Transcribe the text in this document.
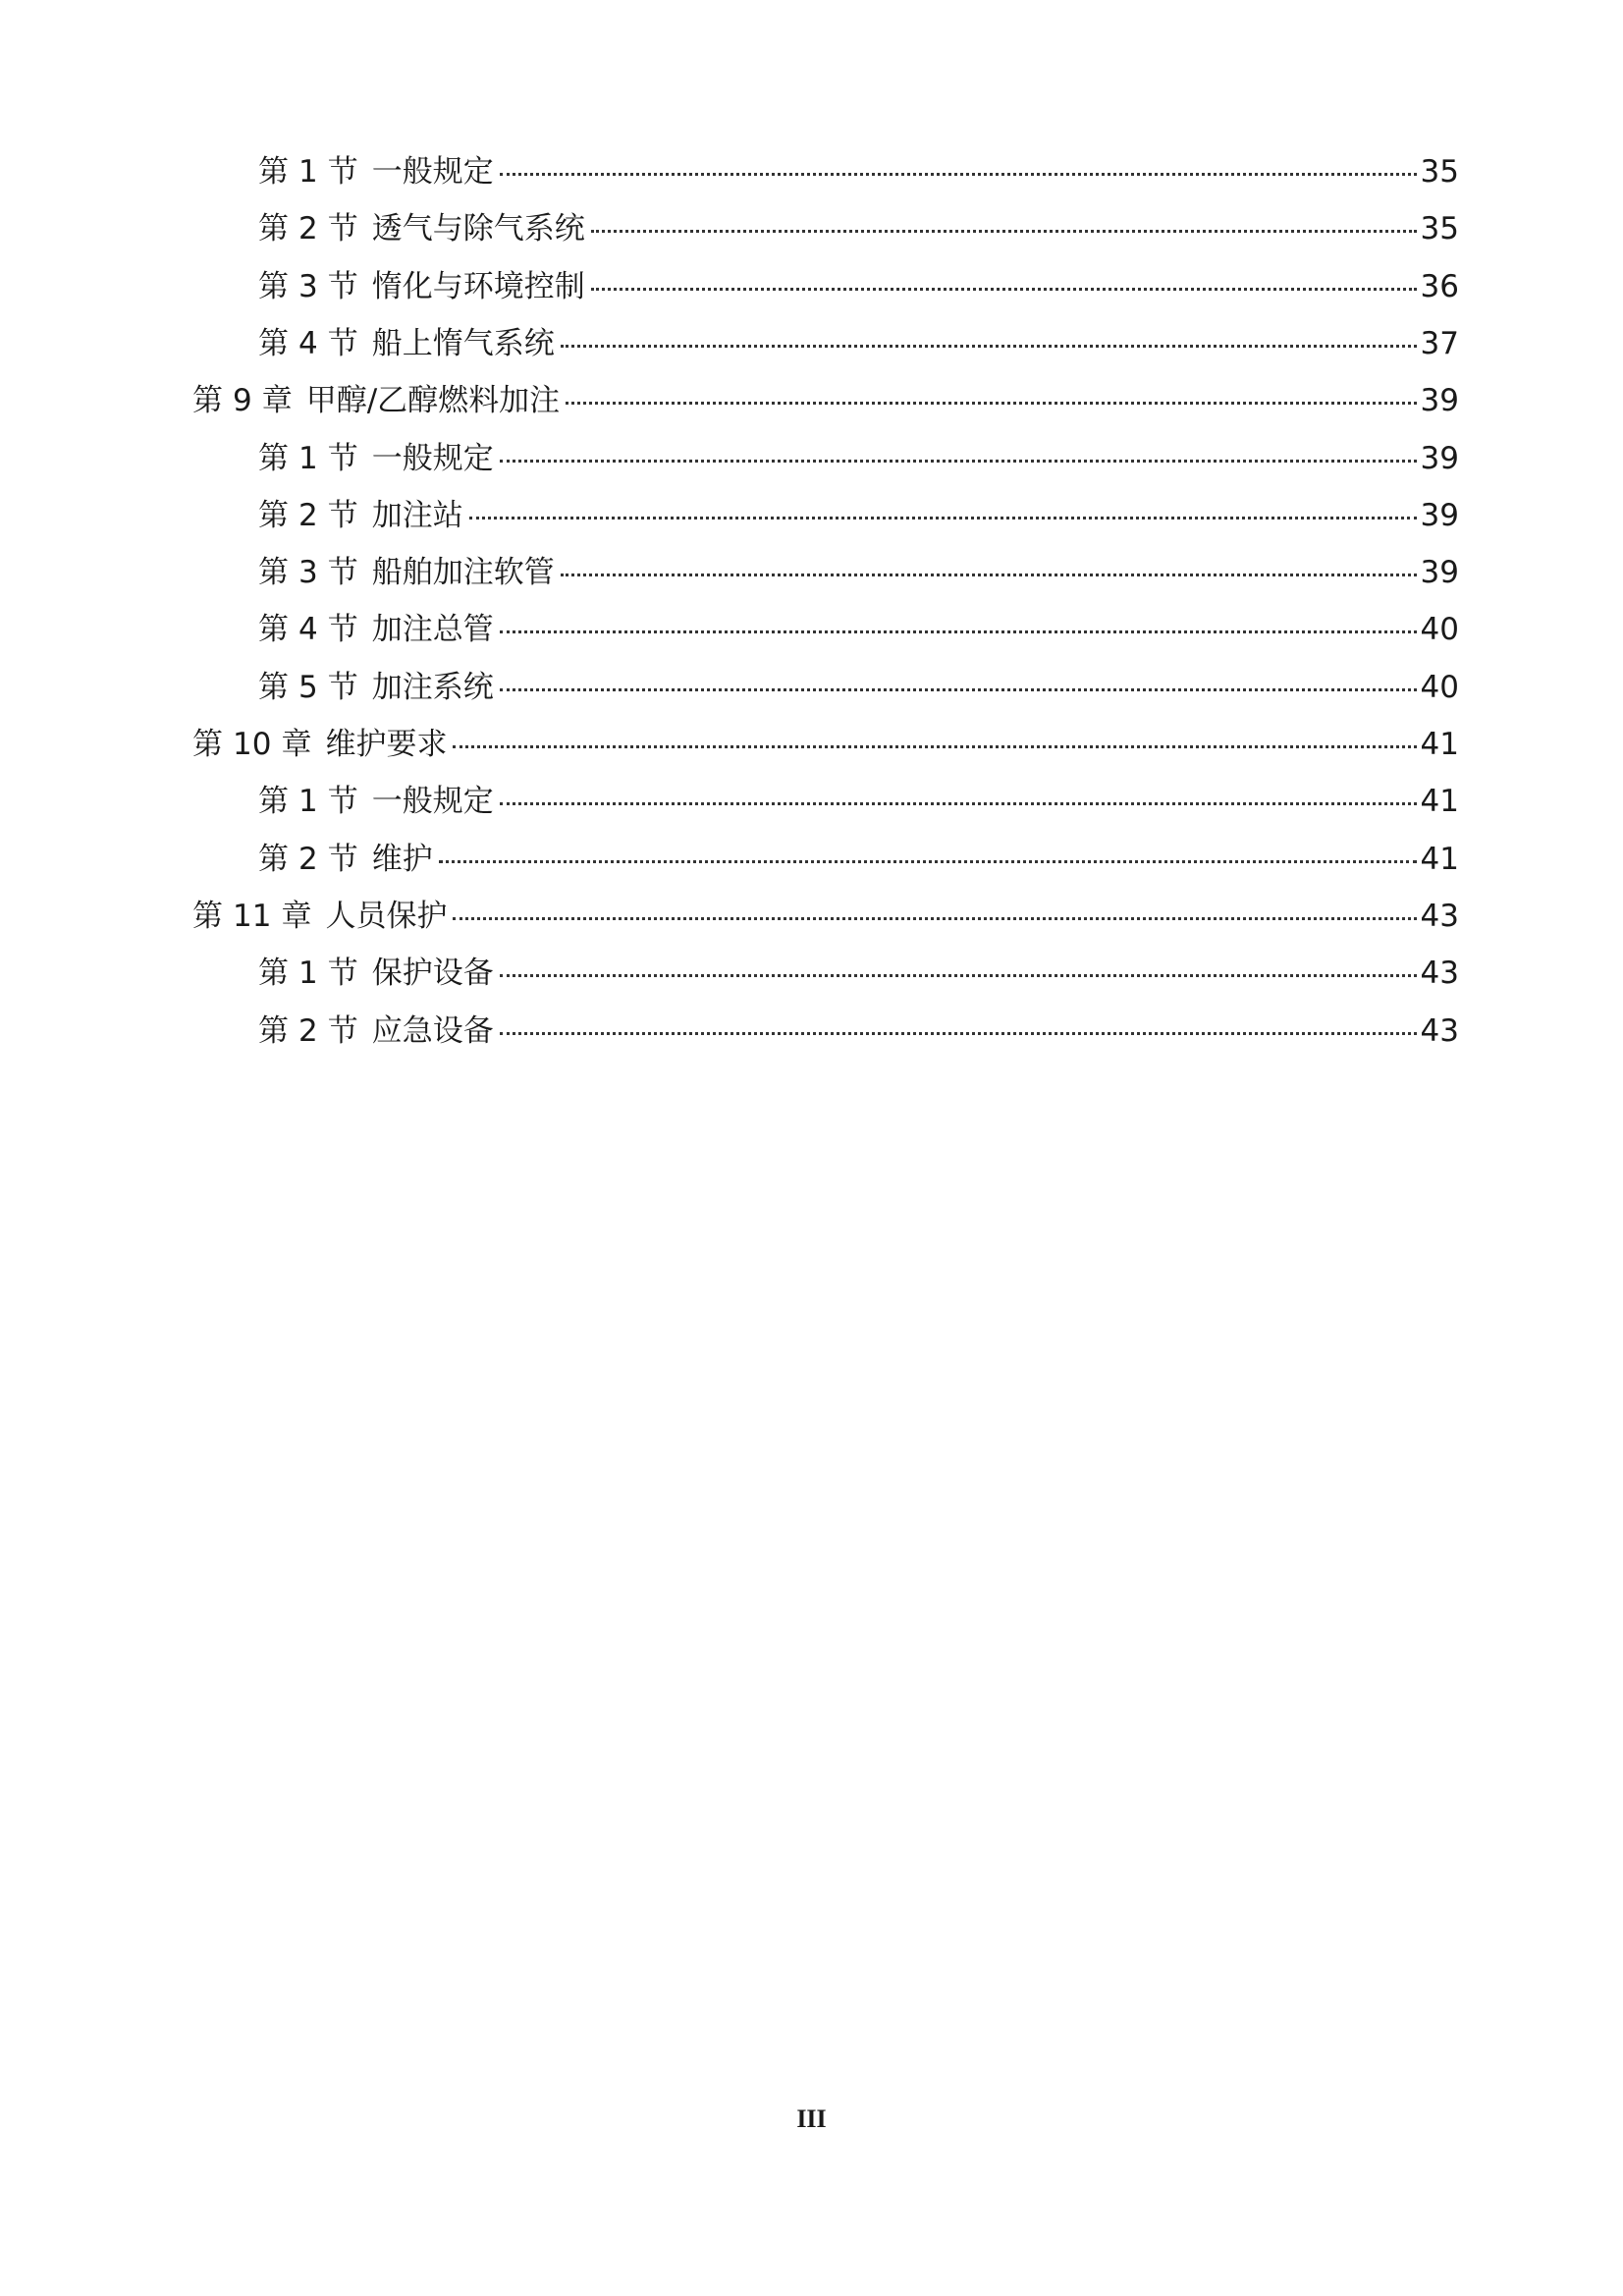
第 1 节 一般规定	35
第 2 节 透气与除气系统	35
第 3 节 惰化与环境控制	36
第 4 节 船上惰气系统	37
第 9 章 甲醇/乙醇燃料加注	39
第 1 节 一般规定	39
第 2 节 加注站	39
第 3 节 船舶加注软管	39
第 4 节 加注总管	40
第 5 节 加注系统	40
第 10 章 维护要求	41
第 1 节 一般规定	41
第 2 节 维护	41
第 11 章 人员保护	43
第 1 节 保护设备	43
第 2 节 应急设备	43
III
